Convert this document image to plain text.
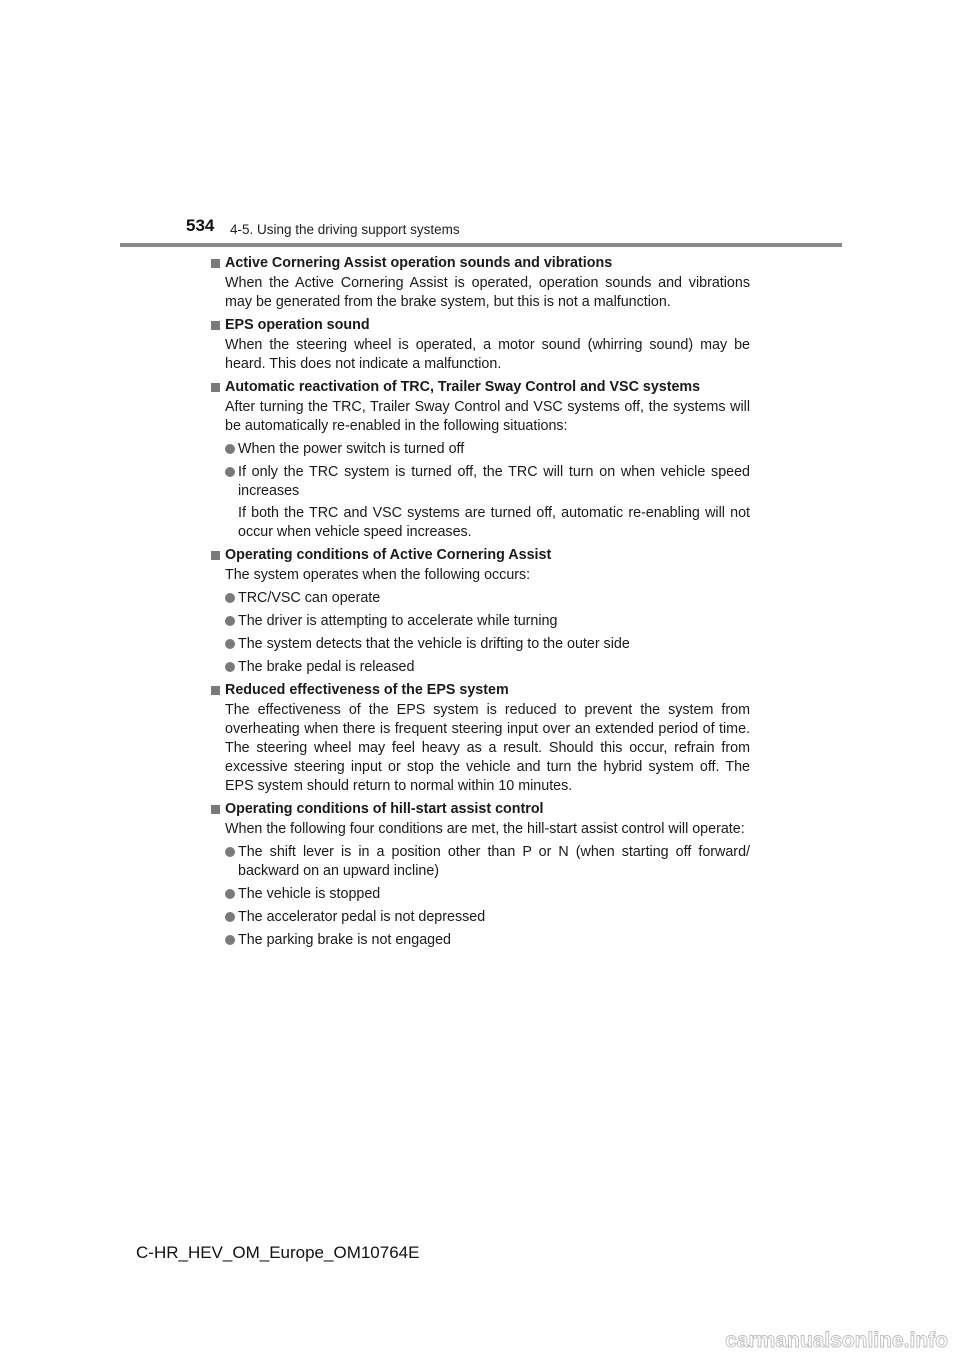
534 4-5. Using the driving support systems
Active Cornering Assist operation sounds and vibrations
When the Active Cornering Assist is operated, operation sounds and vibrations may be generated from the brake system, but this is not a malfunction.
EPS operation sound
When the steering wheel is operated, a motor sound (whirring sound) may be heard. This does not indicate a malfunction.
Automatic reactivation of TRC, Trailer Sway Control and VSC systems
After turning the TRC, Trailer Sway Control and VSC systems off, the systems will be automatically re-enabled in the following situations:
When the power switch is turned off
If only the TRC system is turned off, the TRC will turn on when vehicle speed increases
If both the TRC and VSC systems are turned off, automatic re-enabling will not occur when vehicle speed increases.
Operating conditions of Active Cornering Assist
The system operates when the following occurs:
TRC/VSC can operate
The driver is attempting to accelerate while turning
The system detects that the vehicle is drifting to the outer side
The brake pedal is released
Reduced effectiveness of the EPS system
The effectiveness of the EPS system is reduced to prevent the system from overheating when there is frequent steering input over an extended period of time. The steering wheel may feel heavy as a result. Should this occur, refrain from excessive steering input or stop the vehicle and turn the hybrid system off. The EPS system should return to normal within 10 minutes.
Operating conditions of hill-start assist control
When the following four conditions are met, the hill-start assist control will operate:
The shift lever is in a position other than P or N (when starting off forward/ backward on an upward incline)
The vehicle is stopped
The accelerator pedal is not depressed
The parking brake is not engaged
C-HR_HEV_OM_Europe_OM10764E
carmanualsonline.info
